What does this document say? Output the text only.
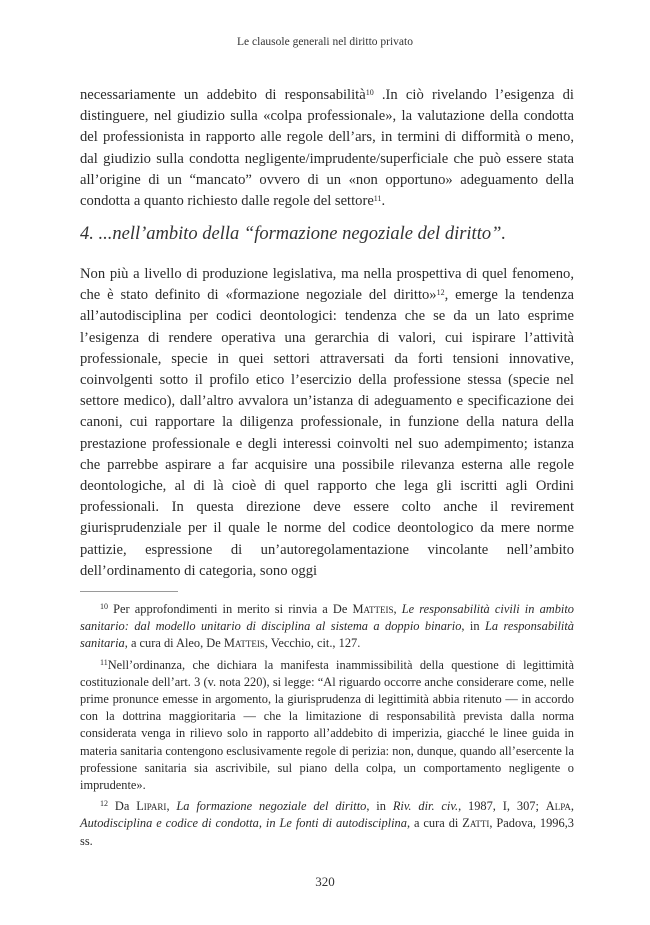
Le clausole generali nel diritto privato

necessariamente un addebito di responsabilità$^{10}$ .In ciò rivelando l’esigenza di distinguere, nel giudizio sulla «colpa professionale», la valutazione della condotta del professionista in rapporto alle regole dell’ars, in termini di difformità o meno, dal giudizio sulla condotta negligente/imprudente/superficiale che può essere stata all’origine di un “mancato” ovvero di un «non opportuno» adeguamento della condotta a quanto richiesto dalle regole del settore$^{11}$.

4. ...nell’ambito della “formazione negoziale del diritto”.

Non più a livello di produzione legislativa, ma nella prospettiva di quel fenomeno, che è stato definito di «formazione negoziale del diritto»$^{12}$, emerge la tendenza all’autodisciplina per codici deontologici: tendenza che se da un lato esprime l’esigenza di rendere operativa una gerarchia di valori, cui ispirare l’attività professionale, specie in quei settori attraversati da forti tensioni innovative, coinvolgenti sotto il profilo etico l’esercizio della professione stessa (specie nel settore medico), dall’altro avvalora un’istanza di adeguamento e specificazione dei canoni, cui rapportare la diligenza professionale, in funzione della natura della prestazione professionale e degli interessi coinvolti nel suo adempimento; istanza che parrebbe aspirare a far acquisire una possibile rilevanza esterna alle regole deontologiche, al di là cioè di quel rapporto che lega gli iscritti agli Ordini professionali. In questa direzione deve essere colto anche il revirement giurisprudenziale per il quale le norme del codice deontologico da mere norme pattizie, espressione di un’autoregolamentazione vincolante nell’ambito dell’ordinamento di categoria, sono oggi

$^{10}$ Per approfondimenti in merito si rinvia a De Matteis, Le responsabilità civili in ambito sanitario: dal modello unitario di disciplina al sistema a doppio binario, in La responsabilità sanitaria, a cura di Aleo, De Matteis, Vecchio, cit., 127.

$^{11}$Nell’ordinanza, che dichiara la manifesta inammissibilità della questione di legittimità costituzionale dell’art. 3 (v. nota 220), si legge: “Al riguardo occorre anche considerare come, nelle prime pronunce emesse in argomento, la giurisprudenza di legittimità abbia ritenuto — in accordo con la dottrina maggioritaria — che la limitazione di responsabilità prevista dalla norma considerata venga in rilievo solo in rapporto all’addebito di imperizia, giacché le linee guida in materia sanitaria contengono esclusivamente regole di perizia: non, dunque, quando all’esercente la professione sanitaria sia ascrivibile, sul piano della colpa, un comportamento negligente o imprudente».

$^{12}$ Da Lipari, La formazione negoziale del diritto, in Riv. dir. civ., 1987, I, 307; Alpa, Autodisciplina e codice di condotta, in Le fonti di autodisciplina, a cura di Zatti, Padova, 1996,3 ss.

320
